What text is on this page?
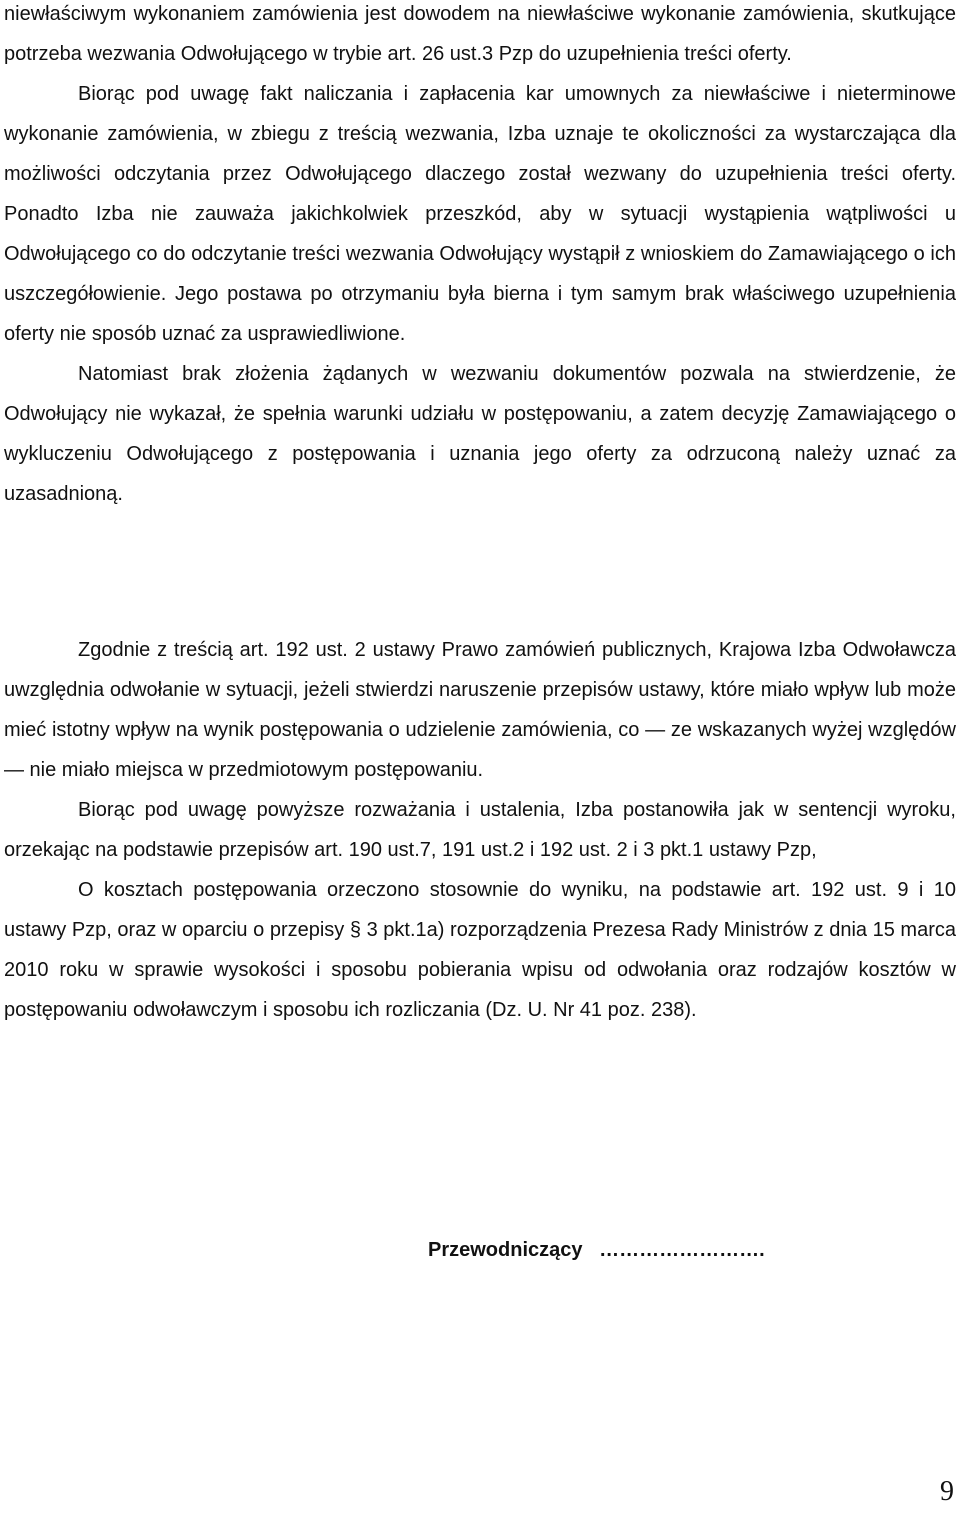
niewłaściwym wykonaniem zamówienia jest dowodem na niewłaściwe wykonanie zamówienia, skutkujące potrzeba wezwania Odwołującego w trybie art. 26 ust.3 Pzp do uzupełnienia treści oferty.

Biorąc pod uwagę fakt naliczania i zapłacenia kar umownych za niewłaściwe i nieterminowe wykonanie zamówienia, w zbiegu z treścią wezwania, Izba uznaje te okoliczności za wystarczająca dla możliwości odczytania przez Odwołującego dlaczego został wezwany do uzupełnienia treści oferty. Ponadto Izba nie zauważa jakichkolwiek przeszkód, aby w sytuacji wystąpienia wątpliwości u Odwołującego co do odczytanie treści wezwania Odwołujący wystąpił z wnioskiem do Zamawiającego o ich uszczegółowienie. Jego postawa po otrzymaniu była bierna i tym samym brak właściwego uzupełnienia oferty nie sposób uznać za usprawiedliwione.

Natomiast brak złożenia żądanych w wezwaniu dokumentów pozwala na stwierdzenie, że Odwołujący nie wykazał, że spełnia warunki udziału w postępowaniu, a zatem decyzję Zamawiającego o wykluczeniu Odwołującego z postępowania i uznania jego oferty za odrzuconą należy uznać za uzasadnioną.

Zgodnie z treścią art. 192 ust. 2 ustawy Prawo zamówień publicznych, Krajowa Izba Odwoławcza uwzględnia odwołanie w sytuacji, jeżeli stwierdzi naruszenie przepisów ustawy, które miało wpływ lub może mieć istotny wpływ na wynik postępowania o udzielenie zamówienia, co — ze wskazanych wyżej względów — nie miało miejsca w przedmiotowym postępowaniu.

Biorąc pod uwagę powyższe rozważania i ustalenia, Izba postanowiła jak w sentencji wyroku, orzekając na podstawie przepisów art. 190 ust.7, 191 ust.2 i 192 ust. 2 i 3 pkt.1 ustawy Pzp,

O kosztach postępowania orzeczono stosownie do wyniku, na podstawie art. 192 ust. 9 i 10 ustawy Pzp, oraz w oparciu o przepisy § 3 pkt.1a) rozporządzenia Prezesa Rady Ministrów z dnia 15 marca 2010 roku w sprawie wysokości i sposobu pobierania wpisu od odwołania oraz rodzajów kosztów w postępowaniu odwoławczym i sposobu ich rozliczania (Dz. U. Nr 41 poz. 238).

Przewodniczący   …………………….
9
